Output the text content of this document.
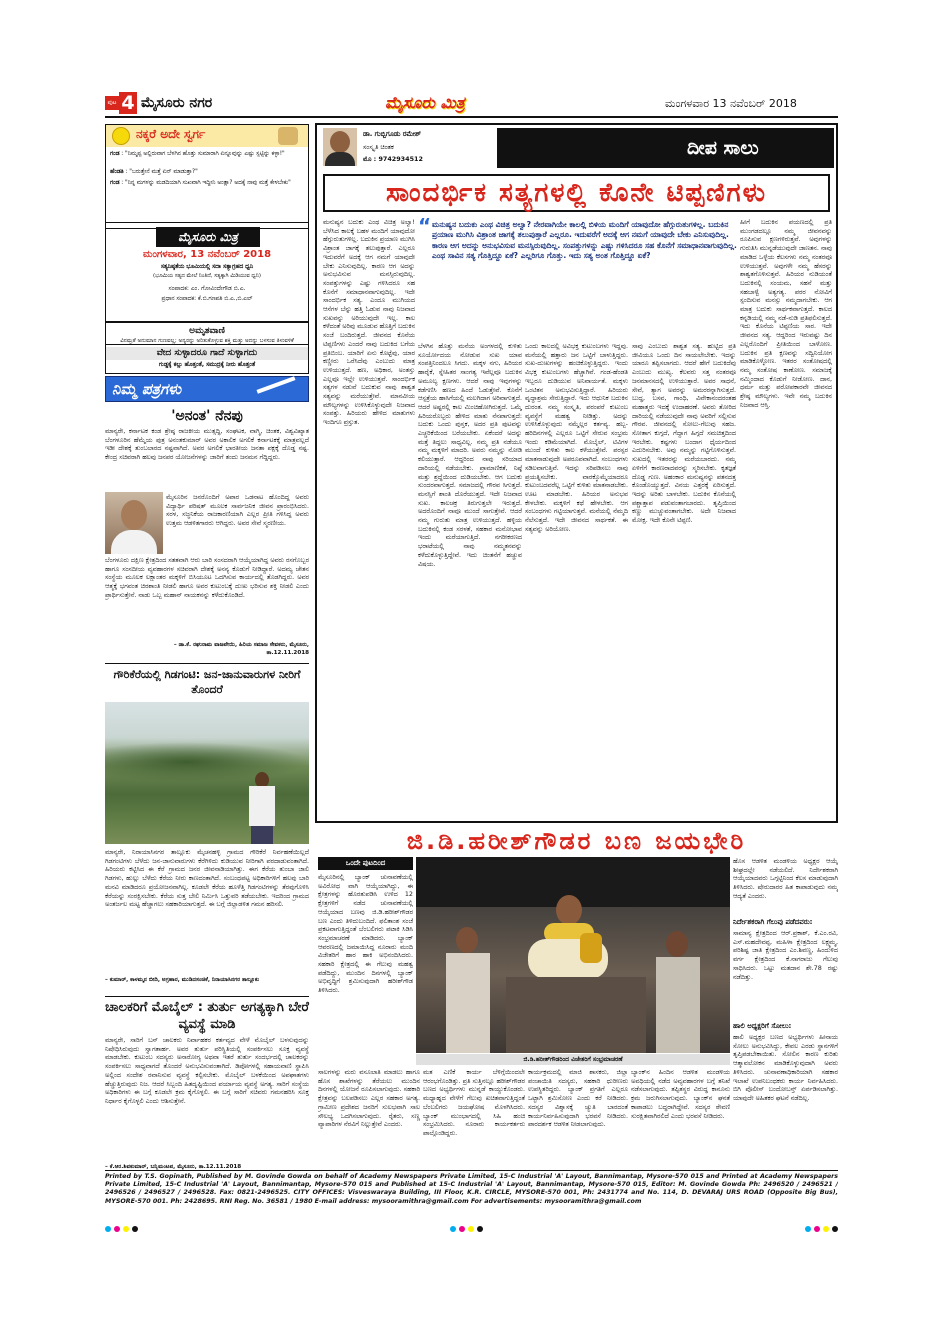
ಪುಟ 4 ಮೈಸೂರು ನಗರ	ಮೈಸೂರು ಮಿತ್ರ	ಮಂಗಳವಾರ 13 ನವೆಂಬರ್ 2018
ನಕ್ಕರೆ ಅದೇ ಸ್ವರ್ಗ
ಗಂಡ : "ನಿಮ್ಮಪ್ಪ ಅಲ್ಲಿರುವಾಗ ಬೆಳಗಿನ ಹೊತ್ತು ಸುಮಾರಾಗಿ ಏನ್ನೂವುನ್ನು ಎಷ್ಟು ಸ್ಪಟ್ಟಿನ್ನು ಕಳ್ಳಾ!"
ಹೆಂಡತಿ : "ಬರುತ್ತೇನೆ ಮತ್ತೆ ಏನ್ ಮಾಡುತ್ತಾ?"
ಗಂಡ : "ನಿನ್ನ ಮಗಳನ್ನು ಮಡದಿಯಾಗಿ ಸುಖವಾಗಿ ಇದ್ದೀನಿ ಅಂತ್ಲಾ? ಅದಕ್ಕೆ ನಾವು ಮತ್ತೆ ಕೇಳಬೇಕು"
ಮೈಸೂರು ಮಿತ್ರ
ಮಂಗಳವಾರ, 13 ನವೆಂಬರ್ 2018
ಸತ್ಯನಿಷ್ಠತೆಯ ಭೂಮಿಯಲ್ಲಿ ಸದಾ ಸತ್ಯಾಗ್ರಹದ ಧ್ವನಿ
(ಭೂಮಿಯ ಸತ್ಯದ ಮೇಲೆ ನಿಂತಿದೆ, ಸತ್ಯಕ್ಕಾಗಿ ಮಿಡಿಯುವ ಧ್ವನಿ)
ಸಂಪಾದಕ: ಎಂ. ಗೋವಿಂದೇಗೌಡ ಬಿ.ಎ.
ಪ್ರಧಾನ ಸಂಪಾದಕ: ಕೆ.ಬಿ.ಗಣಪತಿ ಬಿ.ಎ.,ಬಿ.ಎಲ್
ಅಮೃತವಾಣಿ
ವಿನಮ್ರತೆ ಅನುಮಾನ ಗುಣವಲ್ಲ; ಅನ್ಯರನ್ನು ಅರಿತುಕೊಳ್ಳುವ ಶಕ್ತಿ ಮತ್ತು ಅದನ್ನು ಬಳಸುವ ತಿಳುವಳಿಕೆ
ವೇದ ಸುಳ್ಳಾದರೂ ಗಾದೆ ಸುಳ್ಳಾಗದು
ಗುಡ್ಡಕ್ಕೆ ಕಲ್ಲು ಹೊತ್ತಂತೆ, ಸಮುದ್ರಕ್ಕೆ ನೀರು ಹೊತ್ತಂತೆ
ನಿಮ್ಮ ಪತ್ರಗಳು
'ಅನಂತ' ನೆನಪು
ಮಾನ್ಯರೇ, ಕರ್ನಾಟಕ ಕಂಡ ಶ್ರೇಷ್ಠ ರಾಜಕೀಯ ಮುತ್ಸದ್ಧಿ, ಸಂಘಟಕ, ವಾಗ್ಮಿ, ಚಿಂತಕ, ವಿಶ್ವವಿಖ್ಯಾತ ಬೆಂಗಳೂರಿನ ಹೆಮ್ಮೆಯ ಪುತ್ರ ಅನಂತಕುಮಾರ್ ಅವರ ಅಕಾಲಿಕ ಅಗಲಿಕೆ ಕರ್ನಾಟಕಕ್ಕೆ ಮಾತ್ರವಲ್ಲದೆ ಇಡೀ ದೇಶಕ್ಕೆ ತುಂಬಲಾರದ ನಷ್ಟವಾಗಿದೆ. ಅವರ ಅಗಲಿಕೆ ಭಾರತೀಯ ಜನತಾ ಪಕ್ಷಕ್ಕೆ ದೊಡ್ಡ ನಷ್ಟ. ಕೇಂದ್ರ ಸಚಿವರಾಗಿ ಹಲವು ಜನಪರ ಯೋಜನೆಗಳನ್ನು ಜಾರಿಗೆ ತಂದು ಜನಮನ ಗೆದ್ದಿದ್ದರು.
ಮೈಸೂರಿನ ಜನರೊಂದಿಗೆ ಅಪಾರ ಒಡನಾಟ ಹೊಂದಿದ್ದ ಅವರು ವಿದ್ಯಾರ್ಥಿ ಪರಿಷತ್ ಮೂಲಕ ಸಾರ್ವಜನಿಕ ಜೀವನ ಪ್ರಾರಂಭಿಸಿದರು. ಸರಳ, ಸಜ್ಜನಿಕೆಯ ರಾಜಕಾರಣಿಯಾಗಿ ಎಲ್ಲರ ಪ್ರೀತಿ ಗಳಿಸಿದ್ದ ಅವರು ಉತ್ತಮ ಆಡಳಿತಗಾರರು ಆಗಿದ್ದರು. ಅವರ ಸೇವೆ ಸ್ಮರಣೀಯ.
ಬೆಂಗಳೂರು ದಕ್ಷಿಣ ಕ್ಷೇತ್ರದಿಂದ ಸತತವಾಗಿ ಆರು ಬಾರಿ ಸಂಸದರಾಗಿ ಆಯ್ಕೆಯಾಗಿದ್ದ ಅವರು ರಸಗೊಬ್ಬರ ಹಾಗೂ ಸಂಸದೀಯ ವ್ಯವಹಾರಗಳ ಸಚಿವರಾಗಿ ದೇಶಕ್ಕೆ ಅನನ್ಯ ಕೊಡುಗೆ ನೀಡಿದ್ದಾರೆ. ಅದಮ್ಯ ಚೇತನ ಸಂಸ್ಥೆಯ ಮೂಲಕ ಲಕ್ಷಾಂತರ ಮಕ್ಕಳಿಗೆ ಬಿಸಿಯೂಟ ಒದಗಿಸುವ ಕಾರ್ಯದಲ್ಲಿ ತೊಡಗಿದ್ದರು. ಅವರ ಆತ್ಮಕ್ಕೆ ಭಗವಂತ ಚಿರಶಾಂತಿ ನೀಡಲಿ ಹಾಗೂ ಅವರ ಕುಟುಂಬಕ್ಕೆ ದುಃಖ ಭರಿಸುವ ಶಕ್ತಿ ನೀಡಲಿ ಎಂದು ಪ್ರಾರ್ಥಿಸುತ್ತೇನೆ. ನಾಡು ಒಬ್ಬ ಮಹಾನ್ ನಾಯಕನನ್ನು ಕಳೆದುಕೊಂಡಿದೆ.
– ಡಾ.ಕೆ. ರಘುರಾಮ ವಾಜಪೇಯಿ, ಹಿರಿಯ ಸಮಾಜ ಸೇವಕರು, ಮೈಸೂರು, ತಾ.12.11.2018
ಗೌರಿಕೆರೆಯಲ್ಲಿ ಗಿಡಗಂಟಿ: ಜನ-ಜಾನುವಾರುಗಳ ನೀರಿಗೆ ತೊಂದರೆ
ಮಾನ್ಯರೇ, ನಿರಾಯಾಸಿನಗರ ತಾಲ್ಲೂಕು ಮೈಚನಹಳ್ಳಿ ಗ್ರಾಮದ ಗೌರಿಕೆರೆ ನಿರ್ವಹಣೆಯಿಲ್ಲದೆ ಗಿಡಗಂಟಿಗಳು ಬೆಳೆದು ಜನ-ಜಾನುವಾರುಗಳು ಕೆರೆಗಿಳಿದು ಕುಡಿಯುವ ನೀರಿಗಾಗಿ ಪರದಾಡುವಂತಾಗಿದೆ. ಹಿರಿಯರು ಕಟ್ಟಿಸಿದ ಈ ಕೆರೆ ಗ್ರಾಮದ ಜನರ ಜೀವನಾಡಿಯಾಗಿತ್ತು. ಈಗ ಕೆರೆಯ ತುಂಬಾ ಜಾಲಿ ಗಿಡಗಳು, ಹುಲ್ಲು ಬೆಳೆದು ಕೆರೆಯ ನೀರು ಕಾಣದಂತಾಗಿದೆ. ಸಂಬಂಧಪಟ್ಟ ಅಧಿಕಾರಿಗಳಿಗೆ ಹಲವು ಬಾರಿ ಮನವಿ ಮಾಡಿದರೂ ಪ್ರಯೋಜನವಾಗಿಲ್ಲ. ಕೂಡಲೇ ಕೆರೆಯ ಹೂಳೆತ್ತಿ ಗಿಡಗಂಟಿಗಳನ್ನು ತೆರವುಗೊಳಿಸಿ ಕೆರೆಯನ್ನು ಸಂರಕ್ಷಿಸಬೇಕು. ಕೆರೆಯ ಸುತ್ತ ಬೇಲಿ ನಿರ್ಮಿಸಿ ಒತ್ತುವರಿ ತಡೆಯಬೇಕು. ಇದರಿಂದ ಗ್ರಾಮದ ಅಂತರ್ಜಲ ಮಟ್ಟ ಹೆಚ್ಚಾಗಲು ಸಹಕಾರಿಯಾಗುತ್ತದೆ. ಈ ಬಗ್ಗೆ ಜಿಲ್ಲಾಡಳಿತ ಗಮನ ಹರಿಸಲಿ.
– ಕುಮಾರ್, ಕಾಳಮ್ಮನ ಬೀದಿ, ಅಗ್ರಹಾರ, ಮುಡಿದಸಂಚಿಕೆ, ನಿರಾಯಾಸಿನಗರ ತಾಲ್ಲೂಕು
ಚಾಲಕರಿಗೆ ಮೊಬೈಲ್ : ತುರ್ತು ಅಗತ್ಯಕ್ಕಾಗಿ ಬೇರೆ ವ್ಯವಸ್ಥೆ ಮಾಡಿ
ಮಾನ್ಯರೇ, ಸಾರಿಗೆ ಬಸ್ ಚಾಲಕರು ನಿರ್ವಾಹಕರ ಕರ್ತವ್ಯದ ವೇಳೆ ಮೊಬೈಲ್ ಬಳಸುವುದನ್ನು ನಿಷೇಧಿಸಿರುವುದು ಸ್ವಾಗತಾರ್ಹ. ಅವರ ತುರ್ತು ಪರಿಸ್ಥಿತಿಯಲ್ಲಿ ಸಂಪರ್ಕಿಸಲು ಸೂಕ್ತ ವ್ಯವಸ್ಥೆ ಮಾಡಬೇಕು. ಕುಟುಂಬ ಸದಸ್ಯರು ಅನಾರೋಗ್ಯ ಅಥವಾ ಇತರೆ ತುರ್ತು ಸಂದರ್ಭದಲ್ಲಿ ಚಾಲಕರನ್ನು ಸಂಪರ್ಕಿಸಲು ಸಾಧ್ಯವಾಗದೆ ತೊಂದರೆ ಅನುಭವಿಸುವಂತಾಗಿದೆ. ಡಿಪೋಗಳಲ್ಲಿ ಸಹಾಯವಾಣಿ ಸ್ಥಾಪಿಸಿ ಅಲ್ಲಿಂದ ಸಂದೇಶ ರವಾನಿಸುವ ವ್ಯವಸ್ಥೆ ಕಲ್ಪಿಸಬೇಕು. ಮೊಬೈಲ್ ಬಳಕೆಯಿಂದ ಅಪಘಾತಗಳು ಹೆಚ್ಚುತ್ತಿರುವುದು ನಿಜ. ಆದರೆ ಸಿಬ್ಬಂದಿ ಹಿತದೃಷ್ಟಿಯಿಂದ ಪರ್ಯಾಯ ವ್ಯವಸ್ಥೆ ಅಗತ್ಯ. ಸಾರಿಗೆ ಸಂಸ್ಥೆಯ ಅಧಿಕಾರಿಗಳು ಈ ಬಗ್ಗೆ ಕೂಡಲೇ ಕ್ರಮ ಕೈಗೊಳ್ಳಲಿ. ಈ ಬಗ್ಗೆ ಸಾರಿಗೆ ಸಚಿವರು ಗಮನಹರಿಸಿ ಸೂಕ್ತ ನಿರ್ಧಾರ ಕೈಗೊಳ್ಳಲಿ ಎಂದು ಆಶಿಸುತ್ತೇನೆ.
– ಕೆ.ಆರ.ಶಿವಕುಮಾರ್, ಬನ್ನಿಮಂಟಪ, ಮೈಸೂರು, ತಾ.12.11.2018
ಡಾ. ಗುಬ್ಬಿಗೂಡು ರಮೇಶ್
ಸಂಸ್ಕೃತಿ ಚಿಂತಕ
ಮೊ : 9742934512	ದೀಪ ಸಾಲು
ಸಾಂದರ್ಭಿಕ ಸತ್ಯಗಳಲ್ಲಿ ಕೊನೇ ಟಿಪ್ಪಣಿಗಳು
“ ಮನುಷ್ಯನ ಬದುಕು ಎಂಥ ವಿಚಿತ್ರ ಅಲ್ವಾ? ನೇರವಾಗಿಯೇ ಕಾಲಲ್ಲಿ ಬಿಳಿಯ ಮಂದಿಗೆ ಯಾವುದೋ ಹೆಗ್ಗುರುತುಗಳಿಲ್ಲ. ಬದುಕಿನ ಪ್ರಯಾಣ ಮುಗಿಸಿ ವಿಶ್ರಾಂತ ಜಾಗಕ್ಕೆ ತಲುಪುತ್ತಾರೆ ಎಲ್ಲರೂ. ಇದುವರೆಗೆ ಅದಕ್ಕೆ ಆಗ ನಮಗೆ ಯಾವುದೇ ಬೇಕು ಎನಿಸುವುದಿಲ್ಲ. ಕಾರಣ ಆಗ ಅದನ್ನು ಅನುಭವಿಸುವ ಮನಸ್ಸಿರುವುದಿಲ್ಲ. ಸಂಪತ್ತುಗಳನ್ನು ಎಷ್ಟು ಗಳಿಸಿದರೂ ಸಹ ಕೊನೆಗೆ ಸಮಾಧಾನವಾಗುವುದಿಲ್ಲ. ಎಂಥ ಸಾವಿನ ಸತ್ಯ ಗೊತ್ತಿದ್ದೂ ಏಕೆ? ಎಲ್ಲರಿಗೂ ಗೊತ್ತು. ಇದು ಸತ್ಯ ಅಂತ ಗೊತ್ತಿದ್ದೂ ಏಕೆ?
ಮನುಷ್ಯನ ಬದುಕು ಎಂಥ ವಿಚಿತ್ರ ಅಲ್ವಾ! ಬೆಳೆಸಿದ ಕಾಲಕ್ಕೆ ಬಹಳ ಮಂದಿಗೆ ಯಾವುದೋ ಹೆಗ್ಗುರುತುಗಳಿಲ್ಲ. ಬದುಕಿನ ಪ್ರಯಾಣ ಮುಗಿಸಿ ವಿಶ್ರಾಂತ ಜಾಗಕ್ಕೆ ತಲುಪುತ್ತಾರೆ. ಎಲ್ಲರೂ ಇದುವರೆಗೆ ಅದಕ್ಕೆ ಆಗ ನಮಗೆ ಯಾವುದೇ ಬೇಕು ಎನಿಸುವುದಿಲ್ಲ. ಕಾರಣ ಆಗ ಅದನ್ನು ಅನುಭವಿಸುವ ಮನಸ್ಸಿರುವುದಿಲ್ಲ. ಸಂಪತ್ತುಗಳನ್ನು ಎಷ್ಟು ಗಳಿಸಿದರೂ ಸಹ ಕೊನೆಗೆ ಸಮಾಧಾನವಾಗುವುದಿಲ್ಲ. ಇದೇ ಸಾಂದರ್ಭಿಕ ಸತ್ಯ. ಎಂದೂ ಮುಗಿಯದ ಆಸೆಗಳ ಬೆನ್ನು ಹತ್ತಿ ಓಡುವ ನಾವು ನಿಜವಾದ ಸುಖವನ್ನು ಅರಿಯುವುದೇ ಇಲ್ಲ. ಕಾಲ ಕಳೆದಂತೆ ಅರಿವು ಮೂಡುವ ಹೊತ್ತಿಗೆ ಬದುಕಿನ ಸಂಜೆ ಬಂದಿರುತ್ತದೆ. ಜೀವನದ ಕೊನೆಯ ಟಿಪ್ಪಣಿಗಳು ಎಂದರೆ ನಾವು ಬದುಕಿದ ಬಗೆಯ ಪ್ರತಿಬಿಂಬ. ಯಾರಿಗೆ ಏನು ಕೊಟ್ಟೆವು, ಯಾರ ಕಣ್ಣೀರು ಒರೆಸಿದೆವು ಎಂಬುದು ಮಾತ್ರ ಉಳಿಯುತ್ತದೆ. ಹಣ, ಅಧಿಕಾರ, ಅಂತಸ್ತು ಎಲ್ಲವೂ ಇಲ್ಲೇ ಉಳಿಯುತ್ತವೆ. ಸಾಂದರ್ಭಿಕ ಸತ್ಯಗಳ ನಡುವೆ ಬದುಕುವ ನಾವು ಶಾಶ್ವತ ಸತ್ಯವನ್ನು ಮರೆಯುತ್ತೇವೆ. ಮಾನವೀಯ ಮೌಲ್ಯಗಳನ್ನು ಉಳಿಸಿಕೊಳ್ಳುವುದೇ ನಿಜವಾದ ಸಂಪತ್ತು. ಹಿರಿಯರು ಹೇಳಿದ ಮಾತುಗಳು ಇಂದಿಗೂ ಪ್ರಸ್ತುತ.
ಹೀಗೆ ಬದುಕಿನ ಪಯಣದಲ್ಲಿ ಪ್ರತಿ ಮುಂಗಡದಲ್ಲೂ ನಮ್ಮ ಜೀವನವನ್ನು ರೂಪಿಸುವ ಕ್ಷಣಗಳಿರುತ್ತವೆ. ಅವುಗಳನ್ನು ಗುರುತಿಸಿ ಮುನ್ನಡೆಯುವುದೇ ಜಾಣತನ. ನಾವು ಮಾಡಿದ ಒಳ್ಳೆಯ ಕೆಲಸಗಳು ನಮ್ಮ ನಂತರವೂ ಉಳಿಯುತ್ತವೆ. ಅವುಗಳೇ ನಮ್ಮ ಹೆಸರನ್ನು ಶಾಶ್ವತಗೊಳಿಸುತ್ತವೆ. ಹಿರಿಯರ ನುಡಿಯಂತೆ ಬದುಕಿನಲ್ಲಿ ಸಂಯಮ, ಸಹನೆ ಮತ್ತು ಸಹಬಾಳ್ವೆ ಅತ್ಯಗತ್ಯ. ಪರರ ನೋವಿಗೆ ಸ್ಪಂದಿಸುವ ಮನಸ್ಸು ನಮ್ಮದಾಗಬೇಕು. ಆಗ ಮಾತ್ರ ಬದುಕು ಸಾರ್ಥಕವಾಗುತ್ತದೆ. ಕಾಲದ ಕನ್ನಡಿಯಲ್ಲಿ ನಮ್ಮ ನಡೆ-ನುಡಿ ಪ್ರತಿಫಲಿಸುತ್ತದೆ. ಇದು ಕೊನೆಯ ಟಿಪ್ಪಣಿಯ ಸಾರ. ಇದೇ ಜೀವನದ ಸತ್ಯ. ಆದ್ದರಿಂದ ಇರುವಷ್ಟು ದಿನ ಎಲ್ಲರೊಂದಿಗೆ ಪ್ರೀತಿಯಿಂದ ಬಾಳೋಣ. ಬದುಕಿನ ಪ್ರತಿ ಕ್ಷಣವನ್ನು ಸದ್ವಿನಿಯೋಗ ಮಾಡಿಕೊಳ್ಳೋಣ. ಇತರರ ಸಂತೋಷದಲ್ಲಿ ನಮ್ಮ ಸಂತೋಷ ಕಾಣೋಣ. ಸಮಾಜಕ್ಕೆ ನಮ್ಮಿಂದಾದ ಕೊಡುಗೆ ನೀಡೋಣ. ದಾನ, ಧರ್ಮ ಮತ್ತು ಪರೋಪಕಾರವೇ ಜೀವನದ ಶ್ರೇಷ್ಠ ಮೌಲ್ಯಗಳು. ಇವೇ ನಮ್ಮ ಬದುಕಿನ ನಿಜವಾದ ಆಸ್ತಿ.
ಬೆಳಗಿನ ಹೊತ್ತು ಮನೆಯ ಅಂಗಳದಲ್ಲಿ ಕುಳಿತು ಸೂರ್ಯೋದಯ ನೋಡುವ ಸುಖ ಯಾವ ಸಂಪತ್ತಿನಿಂದಲೂ ಸಿಗದು. ಮಕ್ಕಳ ನಗು, ಹಿರಿಯರ ಹಾರೈಕೆ, ಸ್ನೇಹಿತರ ಸಾಂಗತ್ಯ ಇವೆಲ್ಲವೂ ಬದುಕಿನ ಅಮೂಲ್ಯ ಕ್ಷಣಗಳು. ಆದರೆ ನಾವು ಇವುಗಳನ್ನು ಕಡೆಗಣಿಸಿ ಹಣದ ಹಿಂದೆ ಓಡುತ್ತೇವೆ. ಕೊನೆಗೆ ಆಸ್ಪತ್ರೆಯ ಹಾಸಿಗೆಯಲ್ಲಿ ಮಲಗಿದಾಗ ಅರಿವಾಗುತ್ತದೆ. ಆದರೆ ಅಷ್ಟರಲ್ಲಿ ಕಾಲ ಮಿಂಚಿಹೋಗಿರುತ್ತದೆ. ಒಮ್ಮೆ ಹಿರಿಯರೊಬ್ಬರು ಹೇಳಿದ ಮಾತು ನೆನಪಾಗುತ್ತದೆ: ಬದುಕು ಒಂದು ಪುಸ್ತಕ, ಅದರ ಪ್ರತಿ ಪುಟವನ್ನು ಎಚ್ಚರಿಕೆಯಿಂದ ಬರೆಯಬೇಕು. ಏಕೆಂದರೆ ಅದನ್ನು ಮತ್ತೆ ತಿದ್ದಲು ಸಾಧ್ಯವಿಲ್ಲ. ನಮ್ಮ ಪ್ರತಿ ನಡೆಯೂ ನಮ್ಮ ಮಕ್ಕಳಿಗೆ ಮಾದರಿ. ಅವರು ನಮ್ಮನ್ನು ನೋಡಿ ಕಲಿಯುತ್ತಾರೆ. ಆದ್ದರಿಂದ ನಾವು ಸರಿಯಾದ ದಾರಿಯಲ್ಲಿ ನಡೆಯಬೇಕು. ಪ್ರಾಮಾಣಿಕತೆ, ನಿಷ್ಠೆ ಮತ್ತು ಶ್ರದ್ಧೆಯಿಂದ ದುಡಿಯಬೇಕು. ಆಗ ಬದುಕು ಸುಂದರವಾಗುತ್ತದೆ. ಸಮಾಜದಲ್ಲಿ ಗೌರವ ಸಿಗುತ್ತದೆ. ಮನಸ್ಸಿಗೆ ಶಾಂತಿ ದೊರೆಯುತ್ತದೆ. ಇದೇ ನಿಜವಾದ ಸುಖ. ಕಾಲಚಕ್ರ ತಿರುಗುತ್ತಲೇ ಇರುತ್ತದೆ. ಅದರೊಂದಿಗೆ ನಾವೂ ಮುಂದೆ ಸಾಗುತ್ತೇವೆ. ಆದರೆ ನಮ್ಮ ಗುರುತು ಮಾತ್ರ ಉಳಿಯುತ್ತದೆ. ಹಳ್ಳಿಯ ಬದುಕಿನಲ್ಲಿ ಕಂಡ ಸರಳತೆ, ಸಹಕಾರ ಮನೋಭಾವ ಇಂದು ಮರೆಯಾಗುತ್ತಿದೆ. ನಗರೀಕರಣದ ಭರಾಟೆಯಲ್ಲಿ ನಾವು ನಮ್ಮತನವನ್ನು ಕಳೆದುಕೊಳ್ಳುತ್ತಿದ್ದೇವೆ. ಇದು ಚಿಂತನೆಗೆ ಹಚ್ಚುವ ವಿಷಯ.
ಒಂದು ಕಾಲದಲ್ಲಿ ಅವಿಭಕ್ತ ಕುಟುಂಬಗಳು ಇದ್ದವು. ಮನೆಯಲ್ಲಿ ಹತ್ತಾರು ಜನ ಒಟ್ಟಿಗೆ ಬಾಳುತ್ತಿದ್ದರು. ಸುಖ-ದುಃಖಗಳನ್ನು ಹಂಚಿಕೊಳ್ಳುತ್ತಿದ್ದರು. ಇಂದು ವಿಭಕ್ತ ಕುಟುಂಬಗಳು ಹೆಚ್ಚಾಗಿವೆ. ಗಂಡ-ಹೆಂಡತಿ ಇಬ್ಬರೂ ದುಡಿಯುವ ಅನಿವಾರ್ಯತೆ. ಮಕ್ಕಳು ಒಂಟಿತನ ಅನುಭವಿಸುತ್ತಿದ್ದಾರೆ. ಹಿರಿಯರು ವೃದ್ಧಾಶ್ರಮ ಸೇರುತ್ತಿದ್ದಾರೆ. ಇದು ಆಧುನಿಕ ಬದುಕಿನ ದುರಂತ. ನಮ್ಮ ಸಂಸ್ಕೃತಿ, ಪರಂಪರೆ ಕುಟುಂಬ ವ್ಯವಸ್ಥೆಗೆ ಮಹತ್ವ ನೀಡಿತ್ತು. ಅದನ್ನು ಉಳಿಸಿಕೊಳ್ಳುವುದು ನಮ್ಮೆಲ್ಲರ ಕರ್ತವ್ಯ. ಹಬ್ಬ-ಹರಿದಿನಗಳಲ್ಲಿ ಎಲ್ಲರೂ ಒಟ್ಟಿಗೆ ಸೇರುವ ಸಂಭ್ರಮ ಇಂದು ಕಡಿಮೆಯಾಗಿದೆ. ಮೊಬೈಲ್, ಟಿವಿಗಳ ಮುಂದೆ ಕುಳಿತು ಕಾಲ ಕಳೆಯುತ್ತೇವೆ. ಪರಸ್ಪರ ಮಾತನಾಡುವುದೇ ಅಪರೂಪವಾಗಿದೆ. ಸಂಬಂಧಗಳು ಸಡಿಲವಾಗುತ್ತಿವೆ. ಇದನ್ನು ಸರಿಪಡಿಸಲು ನಾವು ಪ್ರಯತ್ನಿಸಬೇಕು. ವಾರಕ್ಕೊಮ್ಮೆಯಾದರೂ ಕುಟುಂಬದವರೆಲ್ಲ ಒಟ್ಟಿಗೆ ಕುಳಿತು ಮಾತನಾಡಬೇಕು. ಊಟ ಮಾಡಬೇಕು. ಹಿರಿಯರ ಅನುಭವ ಕೇಳಬೇಕು. ಮಕ್ಕಳಿಗೆ ಕಥೆ ಹೇಳಬೇಕು. ಆಗ ಸಂಬಂಧಗಳು ಗಟ್ಟಿಯಾಗುತ್ತವೆ. ಮನೆಯಲ್ಲಿ ನೆಮ್ಮದಿ ನೆಲೆಸುತ್ತದೆ. ಇದೇ ಜೀವನದ ಸಾರ್ಥಕತೆ. ಈ ಸತ್ಯವನ್ನು ಅರಿಯೋಣ.
ಸಾವು ಎಂಬುದು ಶಾಶ್ವತ ಸತ್ಯ. ಹುಟ್ಟಿದ ಪ್ರತಿ ಜೀವಿಯೂ ಒಂದು ದಿನ ಸಾಯಲೇಬೇಕು. ಇದನ್ನು ಯಾರೂ ತಪ್ಪಿಸಲಾಗದು. ಆದರೆ ಹೇಗೆ ಬದುಕಿದೆವು ಎಂಬುದು ಮುಖ್ಯ. ಕೆಲವರು ಸತ್ತ ನಂತರವೂ ಜನಮಾನಸದಲ್ಲಿ ಉಳಿಯುತ್ತಾರೆ. ಅವರ ಸಾಧನೆ, ಸೇವೆ, ತ್ಯಾಗ ಅವರನ್ನು ಅಮರರನ್ನಾಗಿಸುತ್ತದೆ. ಬುದ್ಧ, ಬಸವ, ಗಾಂಧಿ, ವಿವೇಕಾನಂದರಂತಹ ಮಹಾತ್ಮರು ಇದಕ್ಕೆ ಉದಾಹರಣೆ. ಅವರು ತೋರಿದ ದಾರಿಯಲ್ಲಿ ನಡೆಯುವುದೇ ನಾವು ಅವರಿಗೆ ಸಲ್ಲಿಸುವ ಗೌರವ. ಜೀವನದಲ್ಲಿ ಸೋಲು-ಗೆಲುವು ಸಹಜ. ಸೋತಾಗ ಕುಗ್ಗದೆ, ಗೆದ್ದಾಗ ಹಿಗ್ಗದೆ ಸಮಚಿತ್ತದಿಂದ ಇರಬೇಕು. ಕಷ್ಟಗಳು ಬಂದಾಗ ಧೈರ್ಯದಿಂದ ಎದುರಿಸಬೇಕು. ಅವು ನಮ್ಮನ್ನು ಗಟ್ಟಿಗೊಳಿಸುತ್ತವೆ. ಸುಖದಲ್ಲಿ ಇತರರನ್ನು ಮರೆಯಬಾರದು. ನಮ್ಮ ಏಳಿಗೆಗೆ ಕಾರಣರಾದವರನ್ನು ಸ್ಮರಿಸಬೇಕು. ಕೃತಜ್ಞತೆ ದೊಡ್ಡ ಗುಣ. ಅಹಂಕಾರ ಮನುಷ್ಯನನ್ನು ಪತನದತ್ತ ಕೊಂಡೊಯ್ಯುತ್ತದೆ. ವಿನಯ ಎತ್ತರಕ್ಕೆ ಏರಿಸುತ್ತದೆ. ಇದನ್ನು ಅರಿತು ಬಾಳಬೇಕು. ಬದುಕಿನ ಕೊನೆಯಲ್ಲಿ ಪಶ್ಚಾತ್ತಾಪ ಪಡುವಂತಾಗಬಾರದು. ತೃಪ್ತಿಯಿಂದ ಕಣ್ಣು ಮುಚ್ಚುವಂತಾಗಬೇಕು. ಅದೇ ನಿಜವಾದ ಮೋಕ್ಷ. ಇದೇ ಕೊನೇ ಟಿಪ್ಪಣಿ.
ಜಿ.ಡಿ.ಹರೀಶ್‌ಗೌಡರ ಬಣ ಜಯಭೇರಿ
ಒಂದೇ ಪುಟದಿಂದ
ಮೈಸೂರಿನಲ್ಲಿ ಬ್ಯಾಂಕ್ ಚುನಾವಣೆಯಲ್ಲಿ ಅವಿರೋಧ ವಾಗಿ ಆಯ್ಕೆಯಾಗಿದ್ದು, ಈ ಕ್ಷೇತ್ರಗಳನ್ನು ಹೊರತುಪಡಿಸಿ ಉಳಿದ 12 ಕ್ಷೇತ್ರಗಳಿಗೆ ನಡೆದ ಚುನಾವಣೆಯಲ್ಲಿ ಆಯ್ಕೆಯಾದ ಬಣವು ಜಿ.ಡಿ.ಹರೀಶ್‌ಗೌಡರ ಬಣ ಎಂದು ತಿಳಿದುಬಂದಿದೆ. ಫಲಿತಾಂಶ ಸಂಜೆ ಪ್ರಕಟವಾಗುತ್ತಿದ್ದಂತೆ ಬೆಂಬಲಿಗರು ಪಟಾಕಿ ಸಿಡಿಸಿ ಸಂಭ್ರಮಾಚರಣೆ ಮಾಡಿದರು. ಬ್ಯಾಂಕ್ ಆವರಣದಲ್ಲಿ ಜಮಾಯಿಸಿದ್ದ ನೂರಾರು ಮಂದಿ ವಿಜೇತರಿಗೆ ಹಾರ ಹಾಕಿ ಅಭಿನಂದಿಸಿದರು. ಸಹಕಾರಿ ಕ್ಷೇತ್ರದಲ್ಲಿ ಈ ಗೆಲುವು ಮಹತ್ವ ಪಡೆದಿದ್ದು, ಮುಂದಿನ ದಿನಗಳಲ್ಲಿ ಬ್ಯಾಂಕ್ ಅಭಿವೃದ್ಧಿಗೆ ಶ್ರಮಿಸುವುದಾಗಿ ಹರೀಶ್‌ಗೌಡ ತಿಳಿಸಿದರು.
ಜಿ.ಡಿ.ಹರೀಶ್‌ಗೌಡರಿಂದ ವಿಜೇತರಿಗೆ ಸಂಭ್ರಮಾಚರಣೆ
ಹೊಸ ಆಡಳಿತ ಮಂಡಳಿಯ ಅಧ್ಯಕ್ಷರ ಆಯ್ಕೆ ಶೀಘ್ರದಲ್ಲೇ ನಡೆಯಲಿದೆ. ನಿರ್ದೇಶಕರಾಗಿ ಆಯ್ಕೆಯಾದವರು ಒಗ್ಗಟ್ಟಿನಿಂದ ಕೆಲಸ ಮಾಡುವುದಾಗಿ ತಿಳಿಸಿದರು. ಷೇರುದಾರರ ಹಿತ ಕಾಪಾಡುವುದು ನಮ್ಮ ಆದ್ಯತೆ ಎಂದರು.
ನಿರ್ದೇಶಕರಾಗಿ ಗೆಲುವು ಪಡೆದವರು:
ಸಾಮಾನ್ಯ ಕ್ಷೇತ್ರದಿಂದ ಆರ್.ಪ್ರಕಾಶ್, ಕೆ.ಎಂ.ರವಿ, ಎಸ್.ಮಹದೇವಪ್ಪ, ಮಹಿಳಾ ಕ್ಷೇತ್ರದಿಂದ ಲಕ್ಷ್ಮಮ್ಮ, ಪರಿಶಿಷ್ಟ ಜಾತಿ ಕ್ಷೇತ್ರದಿಂದ ಎಂ.ಶಿವಣ್ಣ, ಹಿಂದುಳಿದ ವರ್ಗ ಕ್ಷೇತ್ರದಿಂದ ಕೆ.ನಾಗರಾಜು ಗೆಲುವು ಸಾಧಿಸಿದರು. ಒಟ್ಟು ಮತದಾನ ಶೇ.78 ರಷ್ಟು ನಡೆದಿತ್ತು.
ಹಾಲಿ ಅಧ್ಯಕ್ಷರಿಗೆ ಸೋಲು:
ಹಾಲಿ ಅಧ್ಯಕ್ಷರ ಬಣದ ಅಭ್ಯರ್ಥಿಗಳು ಹೀನಾಯ ಸೋಲು ಅನುಭವಿಸಿದ್ದು, ಕೇವಲ ಎರಡು ಸ್ಥಾನಗಳಿಗೆ ತೃಪ್ತಿಪಡಬೇಕಾಯಿತು. ಸೋಲಿನ ಕಾರಣ ಕುರಿತು ಆತ್ಮಾವಲೋಕನ ಮಾಡಿಕೊಳ್ಳುವುದಾಗಿ ಅವರು ತಿಳಿಸಿದರು. ಚುನಾವಣಾಧಿಕಾರಿಯಾಗಿ ಸಹಕಾರ ಇಲಾಖೆ ಉಪನಿಬಂಧಕರು ಕಾರ್ಯ ನಿರ್ವಹಿಸಿದರು. ಬಿಗಿ ಪೊಲೀಸ್ ಬಂದೋಬಸ್ತ್ ಏರ್ಪಡಿಸಲಾಗಿತ್ತು. ಯಾವುದೇ ಅಹಿತಕರ ಘಟನೆ ನಡೆದಿಲ್ಲ.
ಸಾಲಗಳನ್ನು ಮರು ವಸೂಲಾತಿ ಮಾಡಲು ಹಾಗೂ ಹೊಸ ಶಾಖೆಗಳನ್ನು ತೆರೆಯಲು ಮುಂದಿನ ದಿನಗಳಲ್ಲಿ ಯೋಜನೆ ರೂಪಿಸಲಾಗುವುದು. ಸಹಕಾರಿ ಕ್ಷೇತ್ರವನ್ನು ಬಲಪಡಿಸಲು ಎಲ್ಲರ ಸಹಕಾರ ಅಗತ್ಯ. ಗ್ರಾಮೀಣ ಪ್ರದೇಶದ ಜನರಿಗೆ ಸುಲಭವಾಗಿ ಸಾಲ ಸೌಲಭ್ಯ ಒದಗಿಸಲಾಗುವುದು. ರೈತರು, ಸಣ್ಣ ವ್ಯಾಪಾರಿಗಳ ನೆರವಿಗೆ ನಿಲ್ಲುತ್ತೇವೆ ಎಂದರು.
ಮತ ಎಣಿಕೆ ಕಾರ್ಯ ಬೆಳಿಗ್ಗೆಯಿಂದಲೇ ಆರಂಭಗೊಂಡಿತ್ತು. ಪ್ರತಿ ಸುತ್ತಿನಲ್ಲೂ ಹರೀಶ್‌ಗೌಡರ ಬಣದ ಅಭ್ಯರ್ಥಿಗಳು ಮುನ್ನಡೆ ಕಾಯ್ದುಕೊಂಡರು. ಮಧ್ಯಾಹ್ನದ ವೇಳೆಗೆ ಗೆಲುವು ಖಚಿತವಾಗುತ್ತಿದ್ದಂತೆ ಬೆಂಬಲಿಗರು ಜಯಘೋಷ ಮೊಳಗಿಸಿದರು. ಬ್ಯಾಂಕ್ ಮುಂಭಾಗದಲ್ಲಿ ಸಿಹಿ ಹಂಚಿ ಸಂಭ್ರಮಿಸಿದರು. ನೂರಾರು ಕಾರ್ಯಕರ್ತರು ಪಾಲ್ಗೊಂಡಿದ್ದರು.
ಕಾರ್ಯಕ್ರಮದಲ್ಲಿ ಮಾಜಿ ಶಾಸಕರು, ಜಿಲ್ಲಾ ಪಂಚಾಯಿತಿ ಸದಸ್ಯರು, ಸಹಕಾರಿ ಧುರೀಣರು ಉಪಸ್ಥಿತರಿದ್ದರು. ಬ್ಯಾಂಕ್ ಪ್ರಗತಿಗೆ ಎಲ್ಲರೂ ಒಟ್ಟಾಗಿ ಶ್ರಮಿಸೋಣ ಎಂದು ಕರೆ ನೀಡಿದರು. ಸದಸ್ಯರ ವಿಶ್ವಾಸಕ್ಕೆ ಚ್ಯುತಿ ಬಾರದಂತೆ ಕಾರ್ಯನಿರ್ವಹಿಸುವುದಾಗಿ ಭರವಸೆ ನೀಡಿದರು. ಪಾರದರ್ಶಕ ಆಡಳಿತ ನೀಡಲಾಗುವುದು.
ಬ್ಯಾಂಕ್‌ನ ಹಿಂದಿನ ಆಡಳಿತ ಮಂಡಳಿಯ ಅವಧಿಯಲ್ಲಿ ನಡೆದ ಅವ್ಯವಹಾರಗಳ ಬಗ್ಗೆ ತನಿಖೆ ನಡೆಸಲಾಗುವುದು. ತಪ್ಪಿತಸ್ಥರ ವಿರುದ್ಧ ಕಾನೂನು ಕ್ರಮ ಜರುಗಿಸಲಾಗುವುದು. ಬ್ಯಾಂಕ್‌ನ ಘನತೆ ಕಾಪಾಡಲು ಬದ್ಧರಾಗಿದ್ದೇವೆ. ಸದಸ್ಯರ ಠೇವಣಿ ಸುರಕ್ಷಿತವಾಗಿರಲಿದೆ ಎಂದು ಭರವಸೆ ನೀಡಿದರು.
Printed by T.S. Gopinath, Published by M. Govinde Gowda on behalf of Academy Newspapers Private Limited, 15-C Industrial 'A' Layout, Bannimantap, Mysore-570 015 and Printed at Academy Newspapers Private Limited, 15-C Industrial 'A' Layout, Bannimantap, Mysore-570 015 and Published at 15-C Industrial 'A' Layout, Bannimantap, Mysore-570 015, Editor: M. Govinde Gowda Ph: 2496520 / 2496521 / 2496526 / 2496527 / 2496528. Fax: 0821-2496525. CITY OFFICES: Visveswaraya Building, III Floor, K.R. CIRCLE, MYSORE-570 001, Ph: 2431774 and No. 114, D. DEVARAJ URS ROAD (Opposite Big Bus), MYSORE-570 001. Ph: 2428695. RNI Reg. No. 36581 / 1980 E-mail address: mysooramithra@gmail.com For advertisements: mysooramithra@gmail.com
